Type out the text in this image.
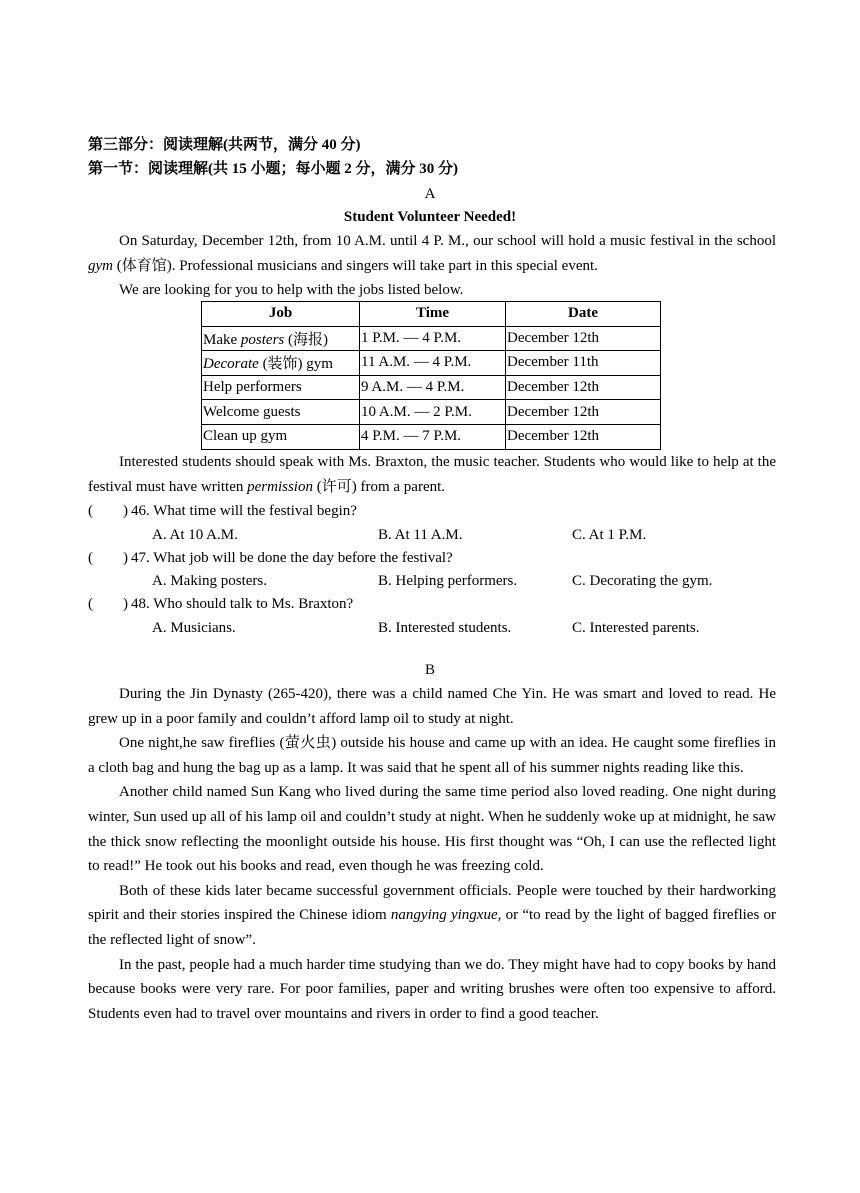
第三部分：阅读理解(共两节，满分 40 分)
第一节：阅读理解(共 15 小题；每小题 2 分，满分 30 分)
A
Student Volunteer Needed!

On Saturday, December 12th, from 10 A.M. until 4 P. M., our school will hold a music festival in the school gym (体育馆). Professional musicians and singers will take part in this special event.

We are looking for you to help with the jobs listed below.

Job	Time	Date
Make posters (海报)	1 P.M. — 4 P.M.	December 12th
Decorate (装饰) gym	11 A.M. — 4 P.M.	December 11th
Help performers	9 A.M. — 4 P.M.	December 12th
Welcome guests	10 A.M. — 2 P.M.	December 12th
Clean up gym	4 P.M. — 7 P.M.	December 12th

Interested students should speak with Ms. Braxton, the music teacher. Students who would like to help at the festival must have written permission (许可) from a parent.

( ) 46. What time will the festival begin?
A. At 10 A.M.	B. At 11 A.M.	C. At 1 P.M.
( ) 47. What job will be done the day before the festival?
A. Making posters.	B. Helping performers.	C. Decorating the gym.
( ) 48. Who should talk to Ms. Braxton?
A. Musicians.	B. Interested students.	C. Interested parents.
B

During the Jin Dynasty (265-420), there was a child named Che Yin. He was smart and loved to read. He grew up in a poor family and couldn’t afford lamp oil to study at night.

One night,he saw fireflies (萤火虫) outside his house and came up with an idea. He caught some fireflies in a cloth bag and hung the bag up as a lamp. It was said that he spent all of his summer nights reading like this.

Another child named Sun Kang who lived during the same time period also loved reading. One night during winter, Sun used up all of his lamp oil and couldn’t study at night. When he suddenly woke up at midnight, he saw the thick snow reflecting the moonlight outside his house. His first thought was “Oh, I can use the reflected light to read!” He took out his books and read, even though he was freezing cold.

Both of these kids later became successful government officials. People were touched by their hardworking spirit and their stories inspired the Chinese idiom nangying yingxue, or “to read by the light of bagged fireflies or the reflected light of snow”.

In the past, people had a much harder time studying than we do. They might have had to copy books by hand because books were very rare. For poor families, paper and writing brushes were often too expensive to afford. Students even had to travel over mountains and rivers in order to find a good teacher.
